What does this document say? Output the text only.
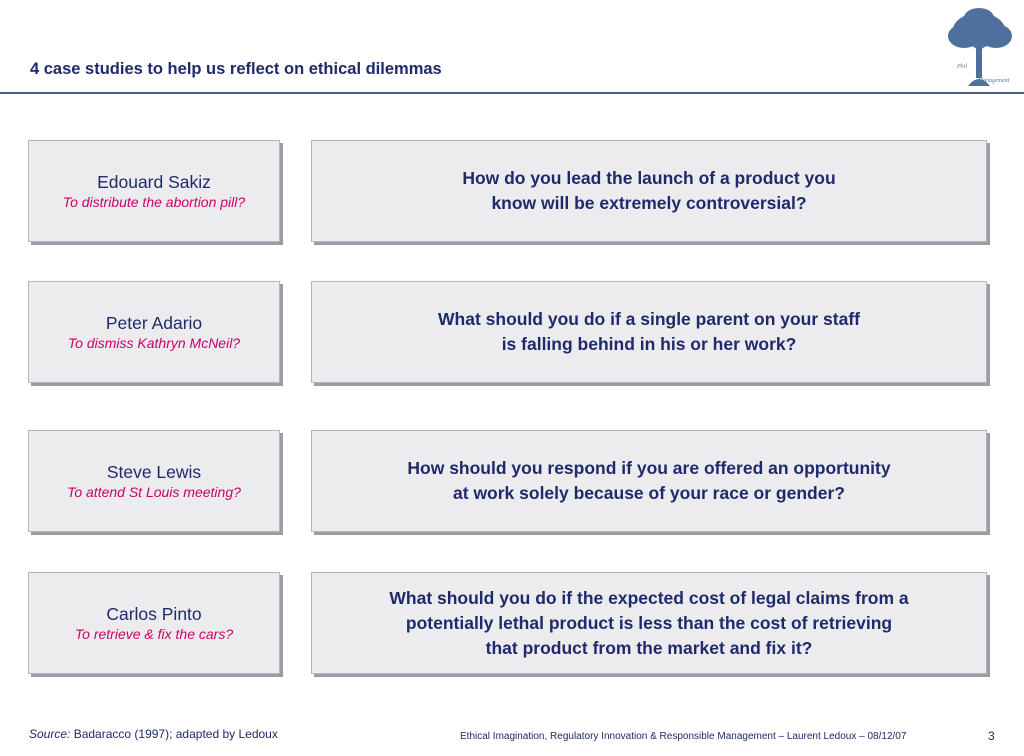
4 case studies to help us reflect on ethical dilemmas	Phil
Management
Edouard Sakiz
To distribute the abortion pill?
How do you lead the launch of a product you
know will be extremely controversial?
Peter Adario
To dismiss Kathryn McNeil?
What should you do if a single parent on your staff
is falling behind in his or her work?
Steve Lewis
To attend St Louis meeting?
How should you respond if you are offered an opportunity
at work solely because of your race or gender?
Carlos Pinto
To retrieve & fix the cars?
What should you do if the expected cost of legal claims from a
potentially lethal product is less than the cost of retrieving
that product from the market and fix it?
Source: Badaracco (1997); adapted by Ledoux	Ethical Imagination, Regulatory Innovation & Responsible Management – Laurent Ledoux – 08/12/07	3
